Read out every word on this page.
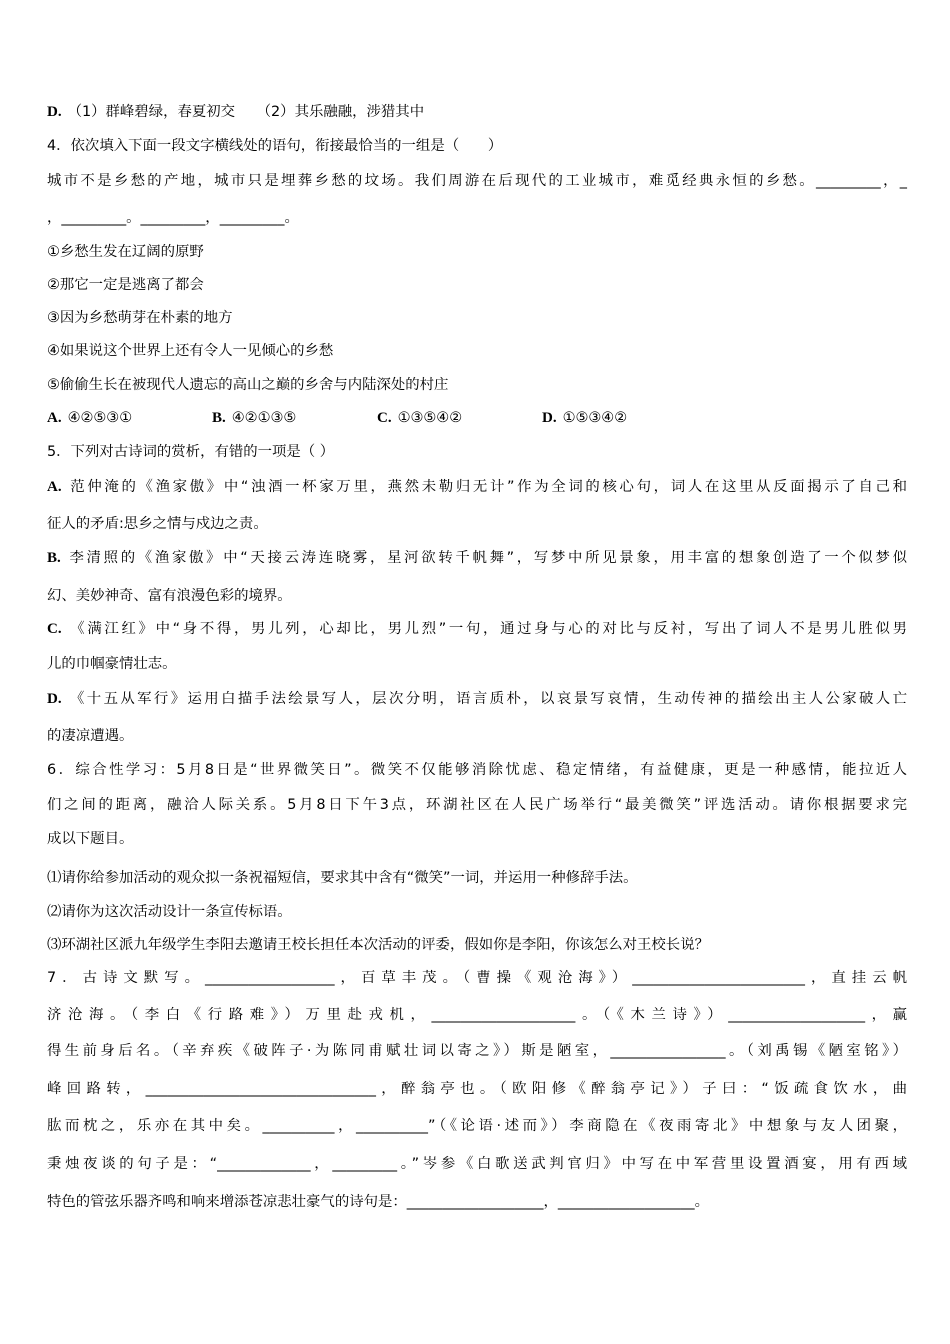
D. （1）群峰碧绿，春夏初交　　（2）其乐融融，涉猎其中
4．依次填入下面一段文字横线处的语句，衔接最恰当的一组是（　　）
城市不是乡愁的产地，城市只是埋葬乡愁的坟场。我们周游在后现代的工业城市，难觅经典永恒的乡愁。_________，_
，_________。_________，_________。
①乡愁生发在辽阔的原野
②那它一定是逃离了都会
③因为乡愁萌芽在朴素的地方
④如果说这个世界上还有令人一见倾心的乡愁
⑤偷偷生长在被现代人遗忘的高山之巅的乡舍与内陆深处的村庄
5．下列对古诗词的赏析，有错的一项是（ ）
A. 范仲淹的《渔家傲》中“浊酒一杯家万里，燕然未勒归无计”作为全词的核心句，词人在这里从反面揭示了自己和
征人的矛盾:思乡之情与戍边之责。
B. 李清照的《渔家傲》中“天接云涛连晓雾，星河欲转千帆舞”，写梦中所见景象，用丰富的想象创造了一个似梦似
幻、美妙神奇、富有浪漫色彩的境界。
C. 《满江红》中“身不得，男儿列，心却比，男儿烈”一句，通过身与心的对比与反衬，写出了词人不是男儿胜似男
儿的巾帼豪情壮志。
D. 《十五从军行》运用白描手法绘景写人，层次分明，语言质朴，以哀景写哀情，生动传神的描绘出主人公家破人亡
的凄凉遭遇。
6．综合性学习：5月8日是“世界微笑日”。微笑不仅能够消除忧虑、稳定情绪，有益健康，更是一种感情，能拉近人
们之间的距离，融洽人际关系。5月8日下午3点，环湖社区在人民广场举行“最美微笑”评选活动。请你根据要求完
成以下题目。
⑴请你给参加活动的观众拟一条祝福短信，要求其中含有“微笑”一词，并运用一种修辞手法。
⑵请你为这次活动设计一条宣传标语。
⑶环湖社区派九年级学生李阳去邀请王校长担任本次活动的评委，假如你是李阳，你该怎么对王校长说？
7．古诗文默写。__________________，百草丰茂。（曹操《观沧海》）________________________，直挂云帆
济沧海。（李白《行路难》）万里赴戎机，____________________。（《木兰诗》）___________________，赢
得生前身后名。（辛弃疾《破阵子·为陈同甫赋壮词以寄之》）斯是陋室，________________。（刘禹锡《陋室铭》）
峰回路转，________________________________，醉翁亭也。（欧阳修《醉翁亭记》）子曰：“饭疏食饮水，曲
肱而枕之，乐亦在其中矣。__________，__________”（《论语·述而》）李商隐在《夜雨寄北》中想象与友人团聚，
秉烛夜谈的句子是：“_____________，_________。”岑参《白歌送武判官归》中写在中军营里设置酒宴，用有西域
特色的管弦乐器齐鸣和响来增添苍凉悲壮豪气的诗句是：___________________，___________________。
A. ④②⑤③①	B. ④②①③⑤	C. ①③⑤④②	D. ①⑤③④②
